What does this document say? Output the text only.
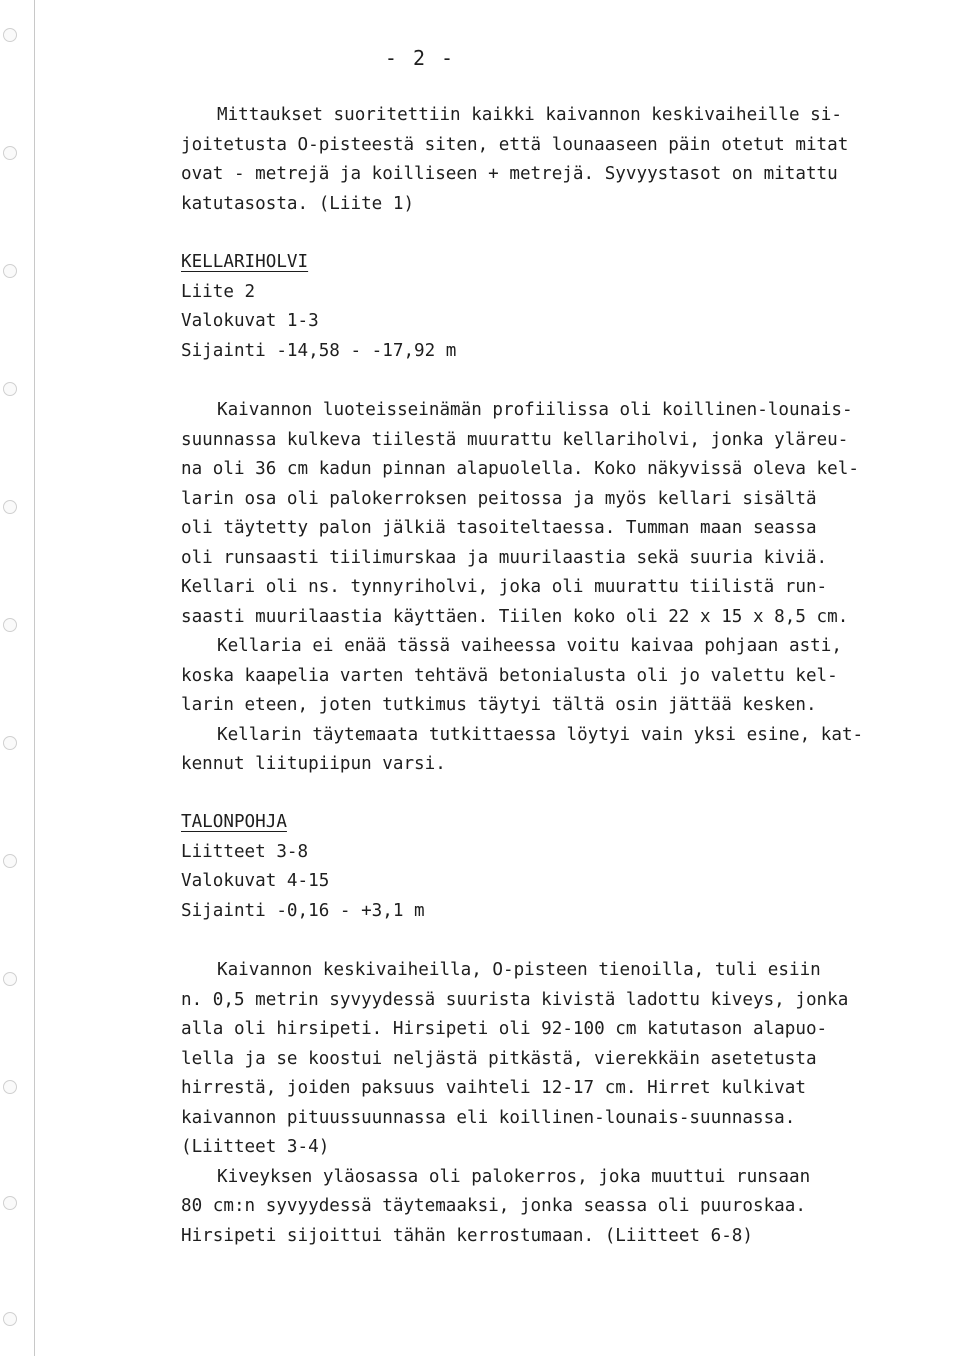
- 2 -
Mittaukset suoritettiin kaikki kaivannon keskivaiheille si-
joitetusta O-pisteestä siten, että lounaaseen päin otetut mitat
ovat - metrejä ja koilliseen + metrejä. Syvyystasot on mitattu
katutasosta. (Liite 1)
KELLARIHOLVI
Liite 2
Valokuvat 1-3
Sijainti -14,58 - -17,92 m
Kaivannon luoteisseinämän profiilissa oli koillinen-lounais-
suunnassa kulkeva tiilestä muurattu kellariholvi, jonka yläreu-
na oli 36 cm kadun pinnan alapuolella. Koko näkyvissä oleva kel-
larin osa oli palokerroksen peitossa ja myös kellari sisältä
oli täytetty palon jälkiä tasoiteltaessa. Tumman maan seassa
oli runsaasti tiilimurskaa ja muurilaastia sekä suuria kiviä.
Kellari oli ns. tynnyriholvi, joka oli muurattu tiilistä run-
saasti muurilaastia käyttäen. Tiilen koko oli 22 x 15 x 8,5 cm.
Kellaria ei enää tässä vaiheessa voitu kaivaa pohjaan asti,
koska kaapelia varten tehtävä betonialusta oli jo valettu kel-
larin eteen, joten tutkimus täytyi tältä osin jättää kesken.
Kellarin täytemaata tutkittaessa löytyi vain yksi esine, kat-
kennut liitupiipun varsi.
TALONPOHJA
Liitteet 3-8
Valokuvat 4-15
Sijainti -0,16 - +3,1 m
Kaivannon keskivaiheilla, O-pisteen tienoilla, tuli esiin
n. 0,5 metrin syvyydessä suurista kivistä ladottu kiveys, jonka
alla oli hirsipeti. Hirsipeti oli 92-100 cm katutason alapuo-
lella ja se koostui neljästä pitkästä, vierekkäin asetetusta
hirrestä, joiden paksuus vaihteli 12-17 cm. Hirret kulkivat
kaivannon pituussuunnassa eli koillinen-lounais-suunnassa.
(Liitteet 3-4)
Kiveyksen yläosassa oli palokerros, joka muuttui runsaan
80 cm:n syvyydessä täytemaaksi, jonka seassa oli puuroskaa.
Hirsipeti sijoittui tähän kerrostumaan. (Liitteet 6-8)
